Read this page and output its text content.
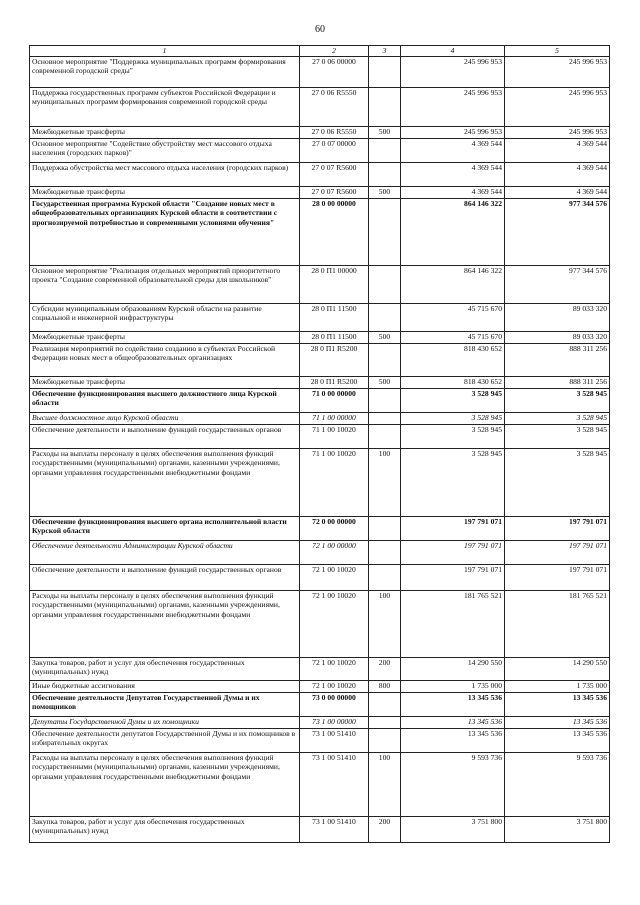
60
1	2	3	4	5
Основное мероприятие "Поддержка муниципальных программ формирования современной городской среды"	27 0 06 00000		245 996 953	245 996 953
Поддержка государственных программ субъектов Российской Федерации и муниципальных программ формирования современной городской среды	27 0 06 R5550		245 996 953	245 996 953
Межбюджетные трансферты	27 0 06 R5550	500	245 996 953	245 996 953
Основное мероприятие "Содействие обустройству мест массового отдыха населения (городских парков)"	27 0 07 00000		4 369 544	4 369 544
Поддержка обустройства мест массового отдыха населения (городских парков)	27 0 07 R5600		4 369 544	4 369 544
Межбюджетные трансферты	27 0 07 R5600	500	4 369 544	4 369 544
Государственная программа Курской области "Создание новых мест в общеобразовательных организациях Курской области в соответствии с прогнозируемой потребностью и современными условиями обучения"	28 0 00 00000		864 146 322	977 344 576
Основное мероприятие "Реализация отдельных мероприятий приоритетного проекта "Создание современной образовательной среды для школьников"	28 0 П1 00000		864 146 322	977 344 576
Субсидии муниципальным образованиям Курской области на развитие социальной и инженерной инфраструктуры	28 0 П1 11500		45 715 670	89 033 320
Межбюджетные трансферты	28 0 П1 11500	500	45 715 670	89 033 320
Реализация мероприятий по содействию созданию в субъектах Российской Федерации новых мест в общеобразовательных организациях	28 0 П1 R5200		818 430 652	888 311 256
Межбюджетные трансферты	28 0 П1 R5200	500	818 430 652	888 311 256
Обеспечение функционирования высшего должностного лица Курской области	71 0 00 00000		3 528 945	3 528 945
Высшее должностное лицо Курской области	71 1 00 00000		3 528 945	3 528 945
Обеспечение деятельности и выполнение функций государственных органов	71 1 00 10020		3 528 945	3 528 945
Расходы на выплаты персоналу в целях обеспечения выполнения функций государственными (муниципальными) органами, казенными учреждениями, органами управления государственными внебюджетными фондами	71 1 00 10020	100	3 528 945	3 528 945
Обеспечение функционирования высшего органа исполнительной власти Курской области	72 0 00 00000		197 791 071	197 791 071
Обеспечение деятельности Администрации Курской области	72 1 00 00000		197 791 071	197 791 071
Обеспечение деятельности и выполнение функций государственных органов	72 1 00 10020		197 791 071	197 791 071
Расходы на выплаты персоналу в целях обеспечения выполнения функций государственными (муниципальными) органами, казенными учреждениями, органами управления государственными внебюджетными фондами	72 1 00 10020	100	181 765 521	181 765 521
Закупка товаров, работ и услуг для обеспечения государственных (муниципальных) нужд	72 1 00 10020	200	14 290 550	14 290 550
Иные бюджетные ассигнования	72 1 00 10020	800	1 735 000	1 735 000
Обеспечение деятельности Депутатов Государственной Думы и их помощников	73 0 00 00000		13 345 536	13 345 536
Депутаты Государственной Думы и их помощники	73 1 00 00000		13 345 536	13 345 536
Обеспечение деятельности депутатов Государственной Думы и их помощников в избирательных округах	73 1 00 51410		13 345 536	13 345 536
Расходы на выплаты персоналу в целях обеспечения выполнения функций государственными (муниципальными) органами, казенными учреждениями, органами управления государственными внебюджетными фондами	73 1 00 51410	100	9 593 736	9 593 736
Закупка товаров, работ и услуг для обеспечения государственных (муниципальных) нужд	73 1 00 51410	200	3 751 800	3 751 800
